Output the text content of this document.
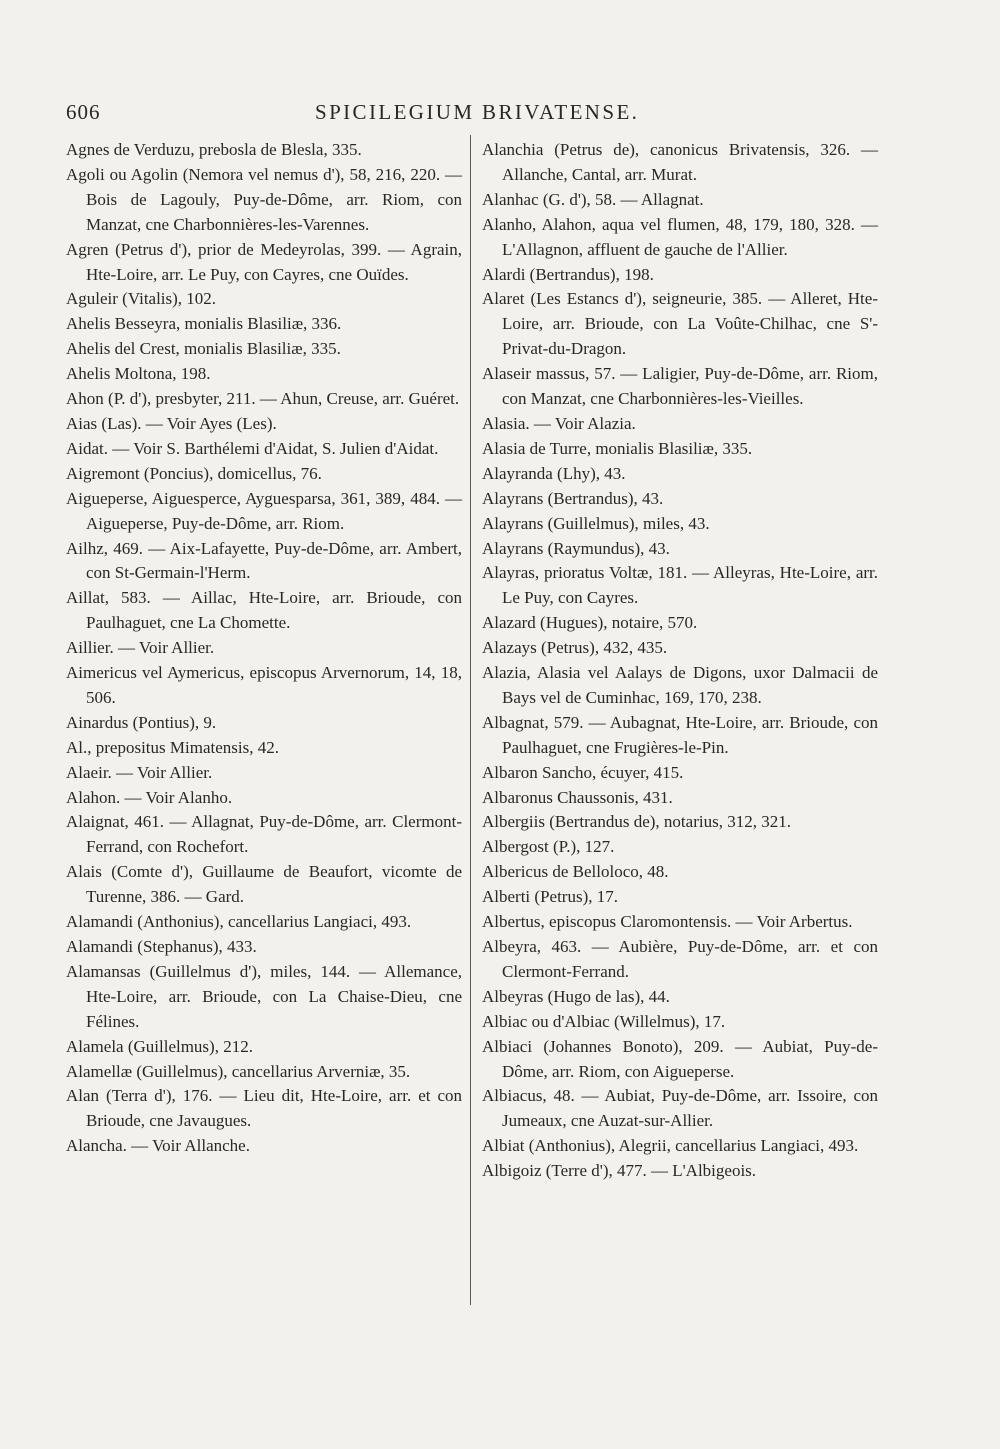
606	SPICILEGIUM BRIVATENSE.

Agnes de Verduzu, preboslа de Blesla, 335.

Agoli ou Agolin (Nemora vel nemus d'), 58, 216, 220. — Bois de Lagouly, Puy-de-Dôme, arr. Riom, con Manzat, cne Charbonnières-les-Varennes.

Agren (Petrus d'), prior de Medeyrolas, 399. — Agrain, Hte-Loire, arr. Le Puy, con Cayres, cne Ouïdes.

Aguleir (Vitalis), 102.

Ahelis Besseyra, monialis Blasiliæ, 336.

Ahelis del Crest, monialis Blasiliæ, 335.

Ahelis Moltona, 198.

Ahon (P. d'), presbyter, 211. — Ahun, Creuse, arr. Guéret.

Aias (Las). — Voir Ayes (Les).

Aidat. — Voir S. Barthélemi d'Aidat, S. Julien d'Aidat.

Aigremont (Poncius), domicellus, 76.

Aigueperse, Aiguesperce, Ayguesparsa, 361, 389, 484. — Aigueperse, Puy-de-Dôme, arr. Riom.

Ailhz, 469. — Aix-Lafayette, Puy-de-Dôme, arr. Ambert, con St-Germain-l'Herm.

Aillat, 583. — Aillac, Hte-Loire, arr. Brioude, con Paulhaguet, cne La Chomette.

Aillier. — Voir Allier.

Aimericus vel Aymericus, episcopus Arvernorum, 14, 18, 506.

Ainardus (Pontius), 9.

Al., prepositus Mimatensis, 42.

Alaeir. — Voir Allier.

Alahon. — Voir Alanho.

Alaignat, 461. — Allagnat, Puy-de-Dôme, arr. Clermont-Ferrand, con Rochefort.

Alais (Comte d'), Guillaume de Beaufort, vicomte de Turenne, 386. — Gard.

Alamandi (Anthonius), cancellarius Langiaci, 493.

Alamandi (Stephanus), 433.

Alamansas (Guillelmus d'), miles, 144. — Allemance, Hte-Loire, arr. Brioude, con La Chaise-Dieu, cne Félines.

Alamela (Guillelmus), 212.

Alamellæ (Guillelmus), cancellarius Arverniæ, 35.

Alan (Terra d'), 176. — Lieu dit, Hte-Loire, arr. et con Brioude, cne Javaugues.

Alancha. — Voir Allanche.

Alanchia (Petrus de), canonicus Brivatensis, 326. — Allanche, Cantal, arr. Murat.

Alanhac (G. d'), 58. — Allagnat.

Alanho, Alahon, aqua vel flumen, 48, 179, 180, 328. — L'Allagnon, affluent de gauche de l'Allier.

Alardi (Bertrandus), 198.

Alaret (Les Estancs d'), seigneurie, 385. — Alleret, Hte-Loire, arr. Brioude, con La Voûte-Chilhac, cne S'-Privat-du-Dragon.

Alaseir massus, 57. — Laligier, Puy-de-Dôme, arr. Riom, con Manzat, cne Charbonnières-les-Vieilles.

Alasia. — Voir Alazia.

Alasia de Turre, monialis Blasiliæ, 335.

Alayranda (Lhy), 43.

Alayrans (Bertrandus), 43.

Alayrans (Guillelmus), miles, 43.

Alayrans (Raymundus), 43.

Alayras, prioratus Voltæ, 181. — Alleyras, Hte-Loire, arr. Le Puy, con Cayres.

Alazard (Hugues), notaire, 570.

Alazays (Petrus), 432, 435.

Alazia, Alasia vel Aalays de Digons, uxor Dalmacii de Bays vel de Cuminhac, 169, 170, 238.

Albagnat, 579. — Aubagnat, Hte-Loire, arr. Brioude, con Paulhaguet, cne Frugières-le-Pin.

Albaron Sancho, écuyer, 415.

Albaronus Chaussonis, 431.

Albergiis (Bertrandus de), notarius, 312, 321.

Albergost (P.), 127.

Albericus de Belloloco, 48.

Alberti (Petrus), 17.

Albertus, episcopus Claromontensis. — Voir Arbertus.

Albeyra, 463. — Aubière, Puy-de-Dôme, arr. et con Clermont-Ferrand.

Albeyras (Hugo de las), 44.

Albiac ou d'Albiac (Willelmus), 17.

Albiaci (Johannes Bonoto), 209. — Aubiat, Puy-de-Dôme, arr. Riom, con Aigueperse.

Albiacus, 48. — Aubiat, Puy-de-Dôme, arr. Issoire, con Jumeaux, cne Auzat-sur-Allier.

Albiat (Anthonius), Alegrii, cancellarius Langiaci, 493.

Albigoiz (Terre d'), 477. — L'Albigeois.
